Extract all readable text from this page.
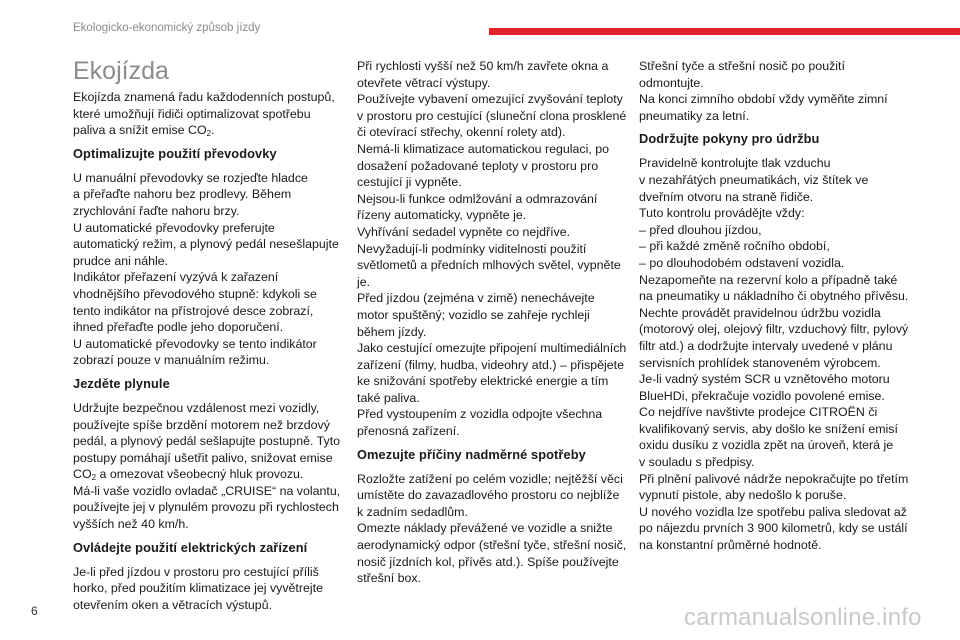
Ekologicko-ekonomický způsob jízdy
Ekojízda

Ekojízda znamená řadu každodenních postupů,
které umožňují řidiči optimalizovat spotřebu
paliva a snížit emise $CO_2$.

Optimalizujte použití převodovky

U manuální převodovky se rozjeďte hladce
a přeřaďte nahoru bez prodlevy. Během
zrychlování řaďte nahoru brzy.
U automatické převodovky preferujte
automatický režim, a plynový pedál nesešlapujte
prudce ani náhle.
Indikátor přeřazení vyzývá k zařazení
vhodnějšího převodového stupně: kdykoli se
tento indikátor na přístrojové desce zobrazí,
ihned přeřaďte podle jeho doporučení.
U automatické převodovky se tento indikátor
zobrazí pouze v manuálním režimu.

Jezděte plynule

Udržujte bezpečnou vzdálenost mezi vozidly,
používejte spíše brzdění motorem než brzdový
pedál, a plynový pedál sešlapujte postupně. Tyto
postupy pomáhají ušetřit palivo, snižovat emise
$CO_2$ a omezovat všeobecný hluk provozu.
Má-li vaše vozidlo ovladač „CRUISE“ na volantu,
používejte jej v plynulém provozu při rychlostech
vyšších než 40 km/h.

Ovládejte použití elektrických zařízení

Je-li před jízdou v prostoru pro cestující příliš
horko, před použitím klimatizace jej vyvětrejte
otevřením oken a větracích výstupů.

Při rychlosti vyšší než 50 km/h zavřete okna a
otevřete větrací výstupy.
Používejte vybavení omezující zvyšování teploty
v prostoru pro cestující (sluneční clona prosklené
či otevírací střechy, okenní rolety atd).
Nemá-li klimatizace automatickou regulaci, po
dosažení požadované teploty v prostoru pro
cestující ji vypněte.
Nejsou-li funkce odmlžování a odmrazování
řízeny automaticky, vypněte je.
Vyhřívání sedadel vypněte co nejdříve.
Nevyžadují-li podmínky viditelnosti použití
světlometů a předních mlhových světel, vypněte
je.
Před jízdou (zejména v zimě) nenechávejte
motor spuštěný; vozidlo se zahřeje rychleji
během jízdy.
Jako cestující omezujte připojení multimediálních
zařízení (filmy, hudba, videohry atd.) – přispějete
ke snižování spotřeby elektrické energie a tím
také paliva.
Před vystoupením z vozidla odpojte všechna
přenosná zařízení.

Omezujte příčiny nadměrné spotřeby

Rozložte zatížení po celém vozidle; nejtěžší věci
umístěte do zavazadlového prostoru co nejblíže
k zadním sedadlům.
Omezte náklady převážené ve vozidle a snižte
aerodynamický odpor (střešní tyče, střešní nosič,
nosič jízdních kol, přívěs atd.). Spíše používejte
střešní box.

Střešní tyče a střešní nosič po použití
odmontujte.
Na konci zimního období vždy vyměňte zimní
pneumatiky za letní.

Dodržujte pokyny pro údržbu

Pravidelně kontrolujte tlak vzduchu
v nezahřátých pneumatikách, viz štítek ve
dveřním otvoru na straně řidiče.
Tuto kontrolu provádějte vždy:
– před dlouhou jízdou,
– při každé změně ročního období,
– po dlouhodobém odstavení vozidla.
Nezapomeňte na rezervní kolo a případně také
na pneumatiky u nákladního či obytného přívěsu.
Nechte provádět pravidelnou údržbu vozidla
(motorový olej, olejový filtr, vzduchový filtr, pylový
filtr atd.) a dodržujte intervaly uvedené v plánu
servisních prohlídek stanoveném výrobcem.
Je-li vadný systém SCR u vznětového motoru
BlueHDi, překračuje vozidlo povolené emise.
Co nejdříve navštivte prodejce CITROËN či
kvalifikovaný servis, aby došlo ke snížení emisí
oxidu dusíku z vozidla zpět na úroveň, která je
v souladu s předpisy.
Při plnění palivové nádrže nepokračujte po třetím
vypnutí pistole, aby nedošlo k poruše.
U nového vozidla lze spotřebu paliva sledovat až
po nájezdu prvních 3 900 kilometrů, kdy se ustálí
na konstantní průměrné hodnotě.

6	carmanualsonline.info
